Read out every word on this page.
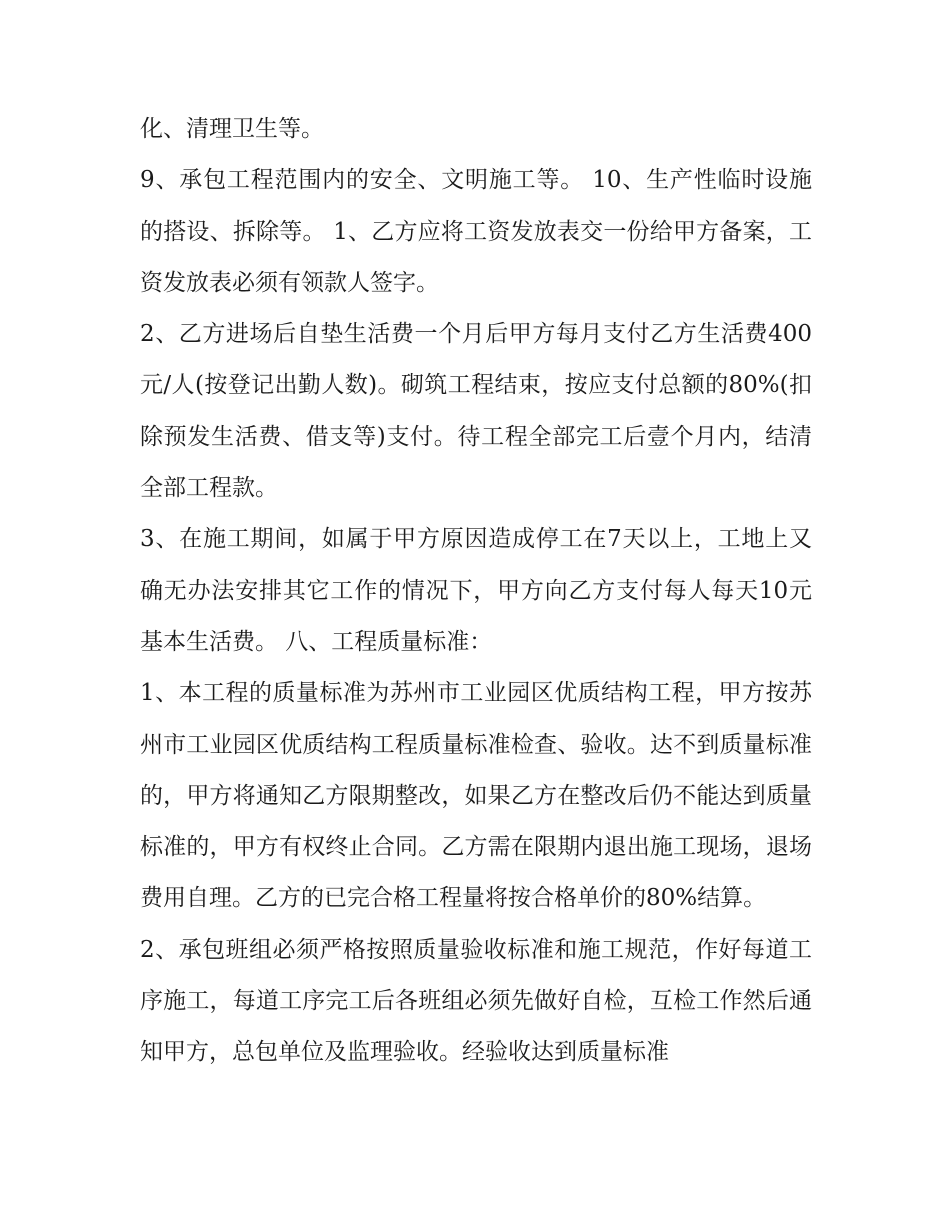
化、清理卫生等。

9、承包工程范围内的安全、文明施工等。 10、生产性临时设施的搭设、拆除等。 1、乙方应将工资发放表交一份给甲方备案，工资发放表必须有领款人签字。

2、乙方进场后自垫生活费一个月后甲方每月支付乙方生活费400元/人(按登记出勤人数)。砌筑工程结束，按应支付总额的80%(扣除预发生活费、借支等)支付。待工程全部完工后壹个月内，结清全部工程款。

3、在施工期间，如属于甲方原因造成停工在7天以上，工地上又确无办法安排其它工作的情况下，甲方向乙方支付每人每天10元基本生活费。 八、工程质量标准：

1、本工程的质量标准为苏州市工业园区优质结构工程，甲方按苏州市工业园区优质结构工程质量标准检查、验收。达不到质量标准的，甲方将通知乙方限期整改，如果乙方在整改后仍不能达到质量标准的，甲方有权终止合同。乙方需在限期内退出施工现场，退场费用自理。乙方的已完合格工程量将按合格单价的80%结算。

2、承包班组必须严格按照质量验收标准和施工规范，作好每道工序施工，每道工序完工后各班组必须先做好自检，互检工作然后通知甲方，总包单位及监理验收。经验收达到质量标准
